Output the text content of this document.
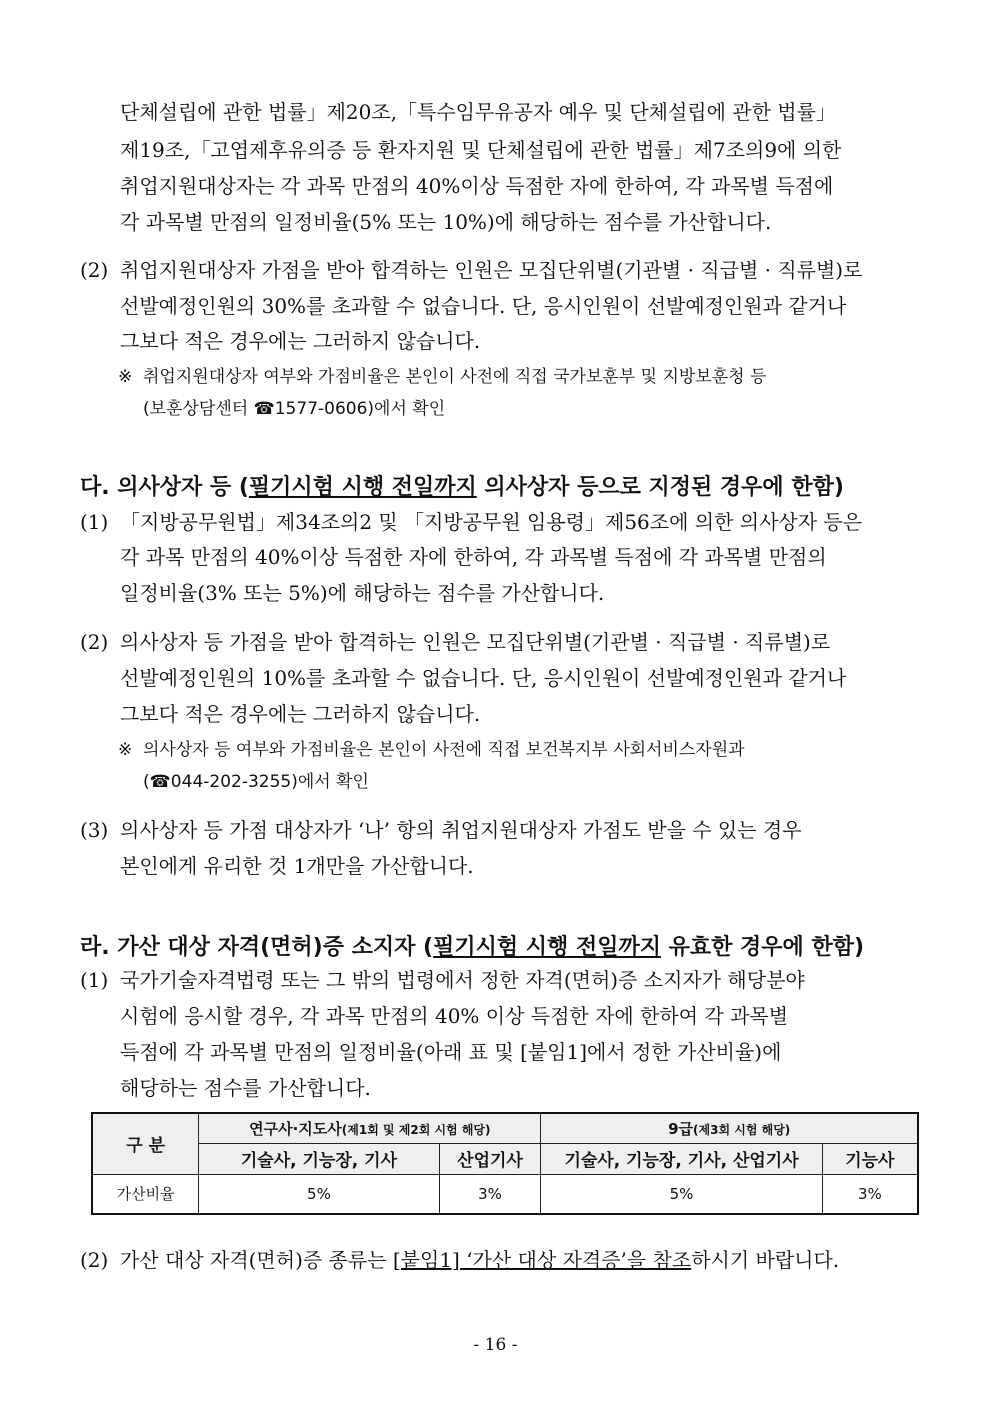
단체설립에 관한 법률」제20조,「특수임무유공자 예우 및 단체설립에 관한 법률」
제19조,「고엽제후유의증 등 환자지원 및 단체설립에 관한 법률」제7조의9에 의한
취업지원대상자는 각 과목 만점의 40%이상 득점한 자에 한하여, 각 과목별 득점에
각 과목별 만점의 일정비율(5% 또는 10%)에 해당하는 점수를 가산합니다.
(2) 취업지원대상자 가점을 받아 합격하는 인원은 모집단위별(기관별 · 직급별 · 직류별)로
선발예정인원의 30%를 초과할 수 없습니다. 단, 응시인원이 선발예정인원과 같거나
그보다 적은 경우에는 그러하지 않습니다.
※ 취업지원대상자 여부와 가점비율은 본인이 사전에 직접 국가보훈부 및 지방보훈청 등
(보훈상담센터 ☎1577-0606)에서 확인
다. 의사상자 등 (필기시험 시행 전일까지 의사상자 등으로 지정된 경우에 한함)
(1) 「지방공무원법」제34조의2 및 「지방공무원 임용령」제56조에 의한 의사상자 등은
각 과목 만점의 40%이상 득점한 자에 한하여, 각 과목별 득점에 각 과목별 만점의
일정비율(3% 또는 5%)에 해당하는 점수를 가산합니다.
(2) 의사상자 등 가점을 받아 합격하는 인원은 모집단위별(기관별 · 직급별 · 직류별)로
선발예정인원의 10%를 초과할 수 없습니다. 단, 응시인원이 선발예정인원과 같거나
그보다 적은 경우에는 그러하지 않습니다.
※ 의사상자 등 여부와 가점비율은 본인이 사전에 직접 보건복지부 사회서비스자원과
(☎044-202-3255)에서 확인
(3) 의사상자 등 가점 대상자가 ‘나’ 항의 취업지원대상자 가점도 받을 수 있는 경우
본인에게 유리한 것 1개만을 가산합니다.
라. 가산 대상 자격(면허)증 소지자 (필기시험 시행 전일까지 유효한 경우에 한함)
(1) 국가기술자격법령 또는 그 밖의 법령에서 정한 자격(면허)증 소지자가 해당분야
시험에 응시할 경우, 각 과목 만점의 40% 이상 득점한 자에 한하여 각 과목별
득점에 각 과목별 만점의 일정비율(아래 표 및 [붙임1]에서 정한 가산비율)에
해당하는 점수를 가산합니다.
구 분	연구사·지도사(제1회 및 제2회 시험 해당)		9급(제3회 시험 해당)	
	기술사, 기능장, 기사	산업기사	기술사, 기능장, 기사, 산업기사	기능사
가산비율	5%	3%	5%	3%
(2) 가산 대상 자격(면허)증 종류는 [붙임1] ‘가산 대상 자격증’을 참조하시기 바랍니다.
- 16 -
